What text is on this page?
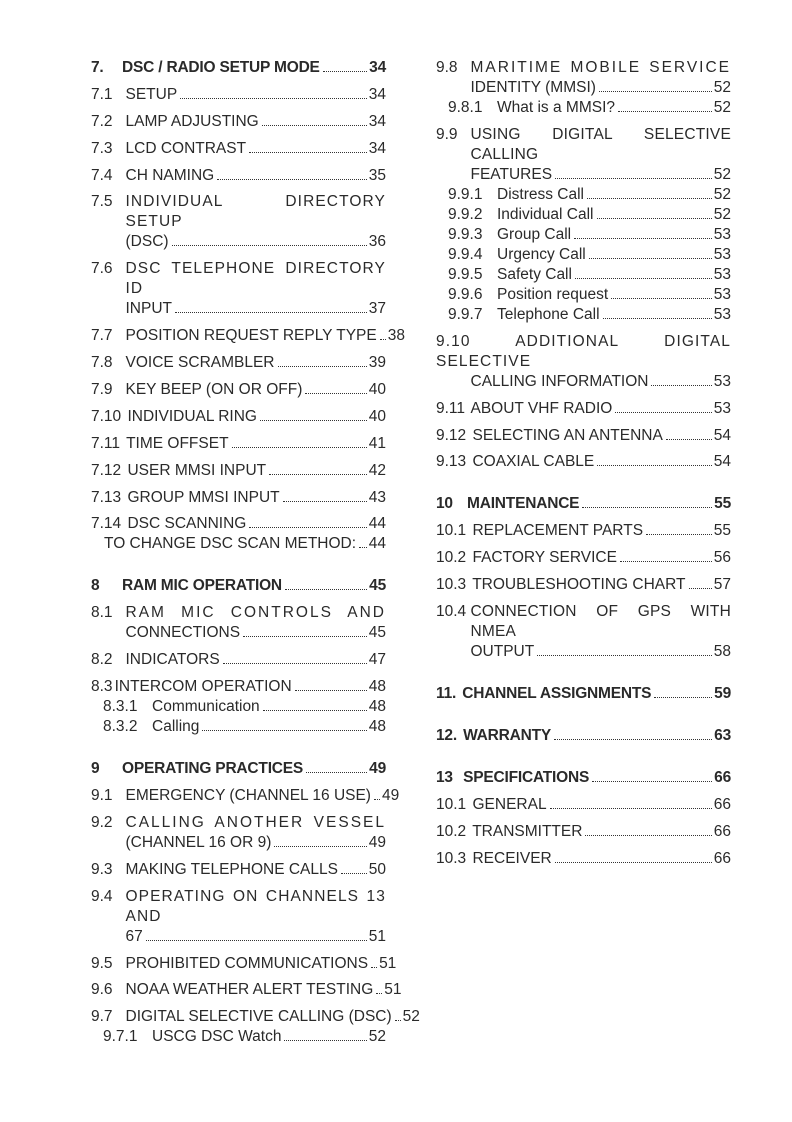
7. DSC / RADIO SETUP MODE	34
7.1 SETUP	34
7.2 LAMP ADJUSTING	34
7.3 LCD CONTRAST	34
7.4 CH NAMING	35
7.5 INDIVIDUAL DIRECTORY SETUP
(DSC)	36
7.6 DSC TELEPHONE DIRECTORY ID
INPUT	37
7.7 POSITION REQUEST REPLY TYPE 38
7.8 VOICE SCRAMBLER	39
7.9 KEY BEEP (ON OR OFF)	40
7.10 INDIVIDUAL RING	40
7.11 TIME OFFSET	41
7.12 USER MMSI INPUT	42
7.13 GROUP MMSI INPUT	43
7.14 DSC SCANNING	44
TO CHANGE DSC SCAN METHOD: 44
8 RAM MIC OPERATION	45
8.1 RAM MIC CONTROLS AND
CONNECTIONS	45
8.2 INDICATORS	47
8.3 INTERCOM OPERATION	48
8.3.1 Communication	48
8.3.2 Calling	48
9 OPERATING PRACTICES	49
9.1 EMERGENCY (CHANNEL 16 USE) 49
9.2 CALLING ANOTHER VESSEL
(CHANNEL 16 OR 9)	49
9.3 MAKING TELEPHONE CALLS 50
9.4 OPERATING ON CHANNELS 13 AND
67	51
9.5 PROHIBITED COMMUNICATIONS 51
9.6 NOAA WEATHER ALERT TESTING 51
9.7 DIGITAL SELECTIVE CALLING (DSC) 52
9.7.1 USCG DSC Watch	52
9.8 MARITIME MOBILE SERVICE
IDENTITY (MMSI)	52
9.8.1 What is a MMSI?	52
9.9 USING DIGITAL SELECTIVE CALLING
FEATURES	52
9.9.1 Distress Call	52
9.9.2 Individual Call	52
9.9.3 Group Call	53
9.9.4 Urgency Call	53
9.9.5 Safety Call	53
9.9.6 Position request	53
9.9.7 Telephone Call	53
9.10	ADDITIONAL DIGITAL SELECTIVE
CALLING INFORMATION	53
9.11 ABOUT VHF RADIO	53
9.12 SELECTING AN ANTENNA	54
9.13 COAXIAL CABLE	54
10 MAINTENANCE	55
10.1 REPLACEMENT PARTS	55
10.2 FACTORY SERVICE	56
10.3 TROUBLESHOOTING CHART 57
10.4 CONNECTION OF GPS WITH NMEA
OUTPUT	58
11. CHANNEL ASSIGNMENTS	59
12. WARRANTY	63
13 SPECIFICATIONS	66
10.1 GENERAL	66
10.2 TRANSMITTER	66
10.3 RECEIVER	66
